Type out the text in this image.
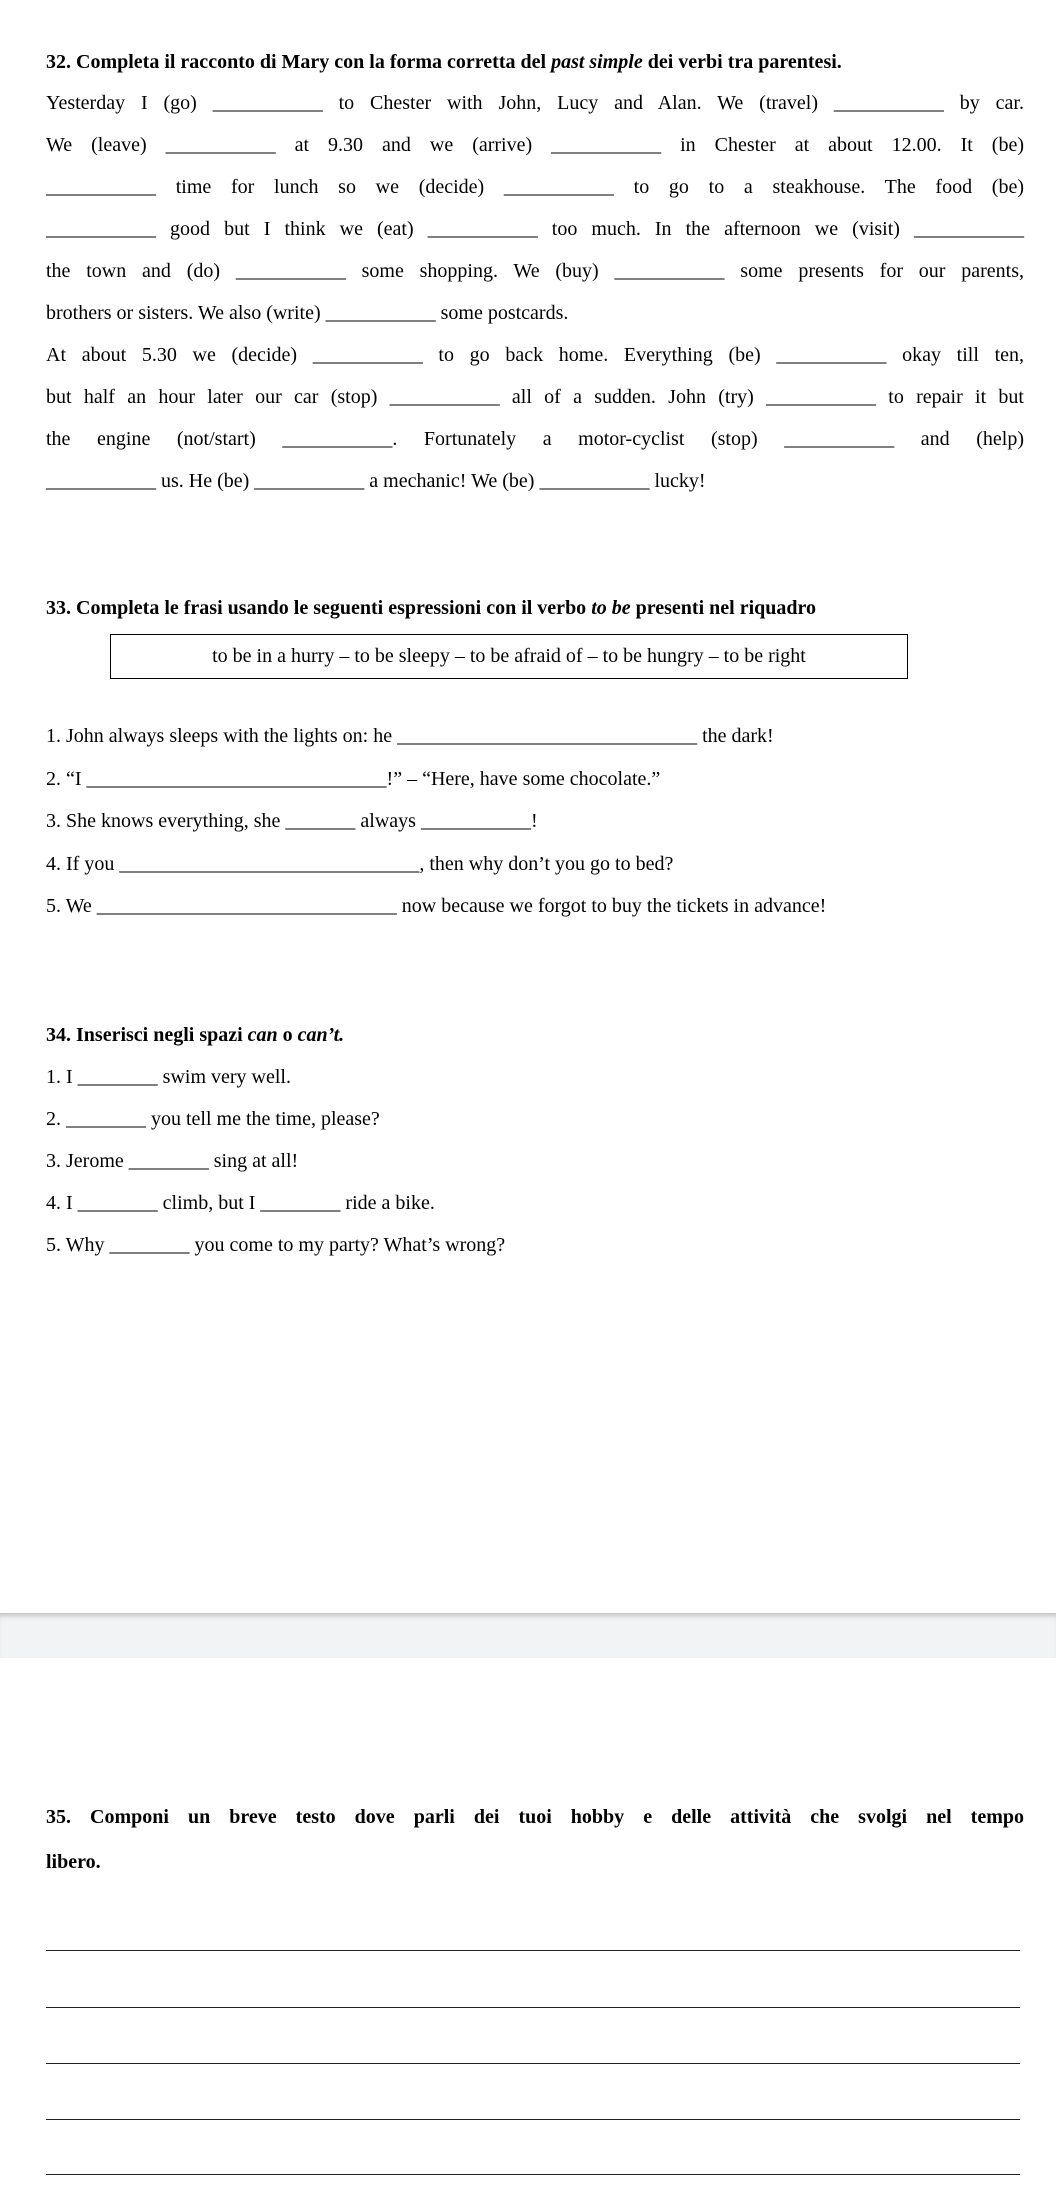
32. Completa il racconto di Mary con la forma corretta del past simple dei verbi tra parentesi.
Yesterday I (go) ___________ to Chester with John, Lucy and Alan. We (travel) ___________ by car.
We (leave) ___________ at 9.30 and we (arrive) ___________ in Chester at about 12.00. It (be)
___________ time for lunch so we (decide) ___________ to go to a steakhouse. The food (be)
___________ good but I think we (eat) ___________ too much. In the afternoon we (visit) ___________
the town and (do) ___________ some shopping. We (buy) ___________ some presents for our parents,
brothers or sisters. We also (write) ___________ some postcards.
At about 5.30 we (decide) ___________ to go back home. Everything (be) ___________ okay till ten,
but half an hour later our car (stop) ___________ all of a sudden. John (try) ___________ to repair it but
the engine (not/start) ___________. Fortunately a motor-cyclist (stop) ___________ and (help)
___________ us. He (be) ___________ a mechanic! We (be) ___________ lucky!
33. Completa le frasi usando le seguenti espressioni con il verbo to be presenti nel riquadro
to be in a hurry – to be sleepy – to be afraid of – to be hungry – to be right
1. John always sleeps with the lights on: he ______________________________ the dark!
2. “I ______________________________!” – “Here, have some chocolate.”
3. She knows everything, she _______ always ___________!
4. If you ______________________________, then why don’t you go to bed?
5. We ______________________________ now because we forgot to buy the tickets in advance!
34. Inserisci negli spazi can o can’t.
1. I ________ swim very well.
2. ________ you tell me the time, please?
3. Jerome ________ sing at all!
4. I ________ climb, but I ________ ride a bike.
5. Why ________ you come to my party? What’s wrong?
35. Componi un breve testo dove parli dei tuoi hobby e delle attività che svolgi nel tempo
libero.
